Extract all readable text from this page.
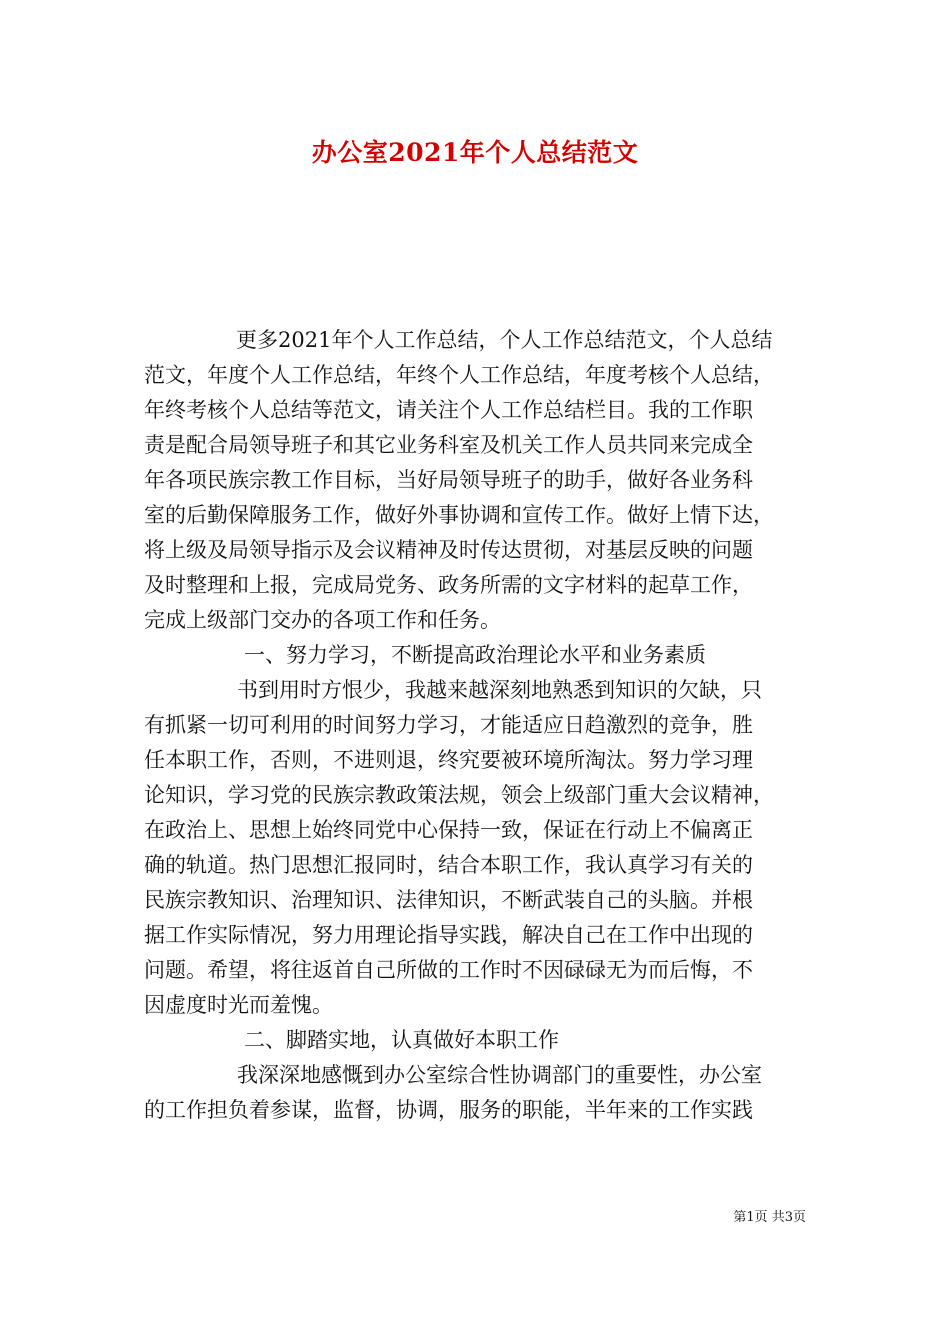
办公室2021年个人总结范文
更多2021年个人工作总结，个人工作总结范文，个人总结
范文，年度个人工作总结，年终个人工作总结，年度考核个人总结，
年终考核个人总结等范文，请关注个人工作总结栏目。我的工作职
责是配合局领导班子和其它业务科室及机关工作人员共同来完成全
年各项民族宗教工作目标，当好局领导班子的助手，做好各业务科
室的后勤保障服务工作，做好外事协调和宣传工作。做好上情下达，
将上级及局领导指示及会议精神及时传达贯彻，对基层反映的问题
及时整理和上报，完成局党务、政务所需的文字材料的起草工作，
完成上级部门交办的各项工作和任务。
一、努力学习，不断提高政治理论水平和业务素质
书到用时方恨少，我越来越深刻地熟悉到知识的欠缺，只
有抓紧一切可利用的时间努力学习，才能适应日趋激烈的竞争，胜
任本职工作，否则，不进则退，终究要被环境所淘汰。努力学习理
论知识，学习党的民族宗教政策法规，领会上级部门重大会议精神，
在政治上、思想上始终同党中心保持一致，保证在行动上不偏离正
确的轨道。热门思想汇报同时，结合本职工作，我认真学习有关的
民族宗教知识、治理知识、法律知识，不断武装自己的头脑。并根
据工作实际情况，努力用理论指导实践，解决自己在工作中出现的
问题。希望，将往返首自己所做的工作时不因碌碌无为而后悔，不
因虚度时光而羞愧。
二、脚踏实地，认真做好本职工作
我深深地感慨到办公室综合性协调部门的重要性，办公室
的工作担负着参谋，监督，协调，服务的职能，半年来的工作实践
第1页 共3页
